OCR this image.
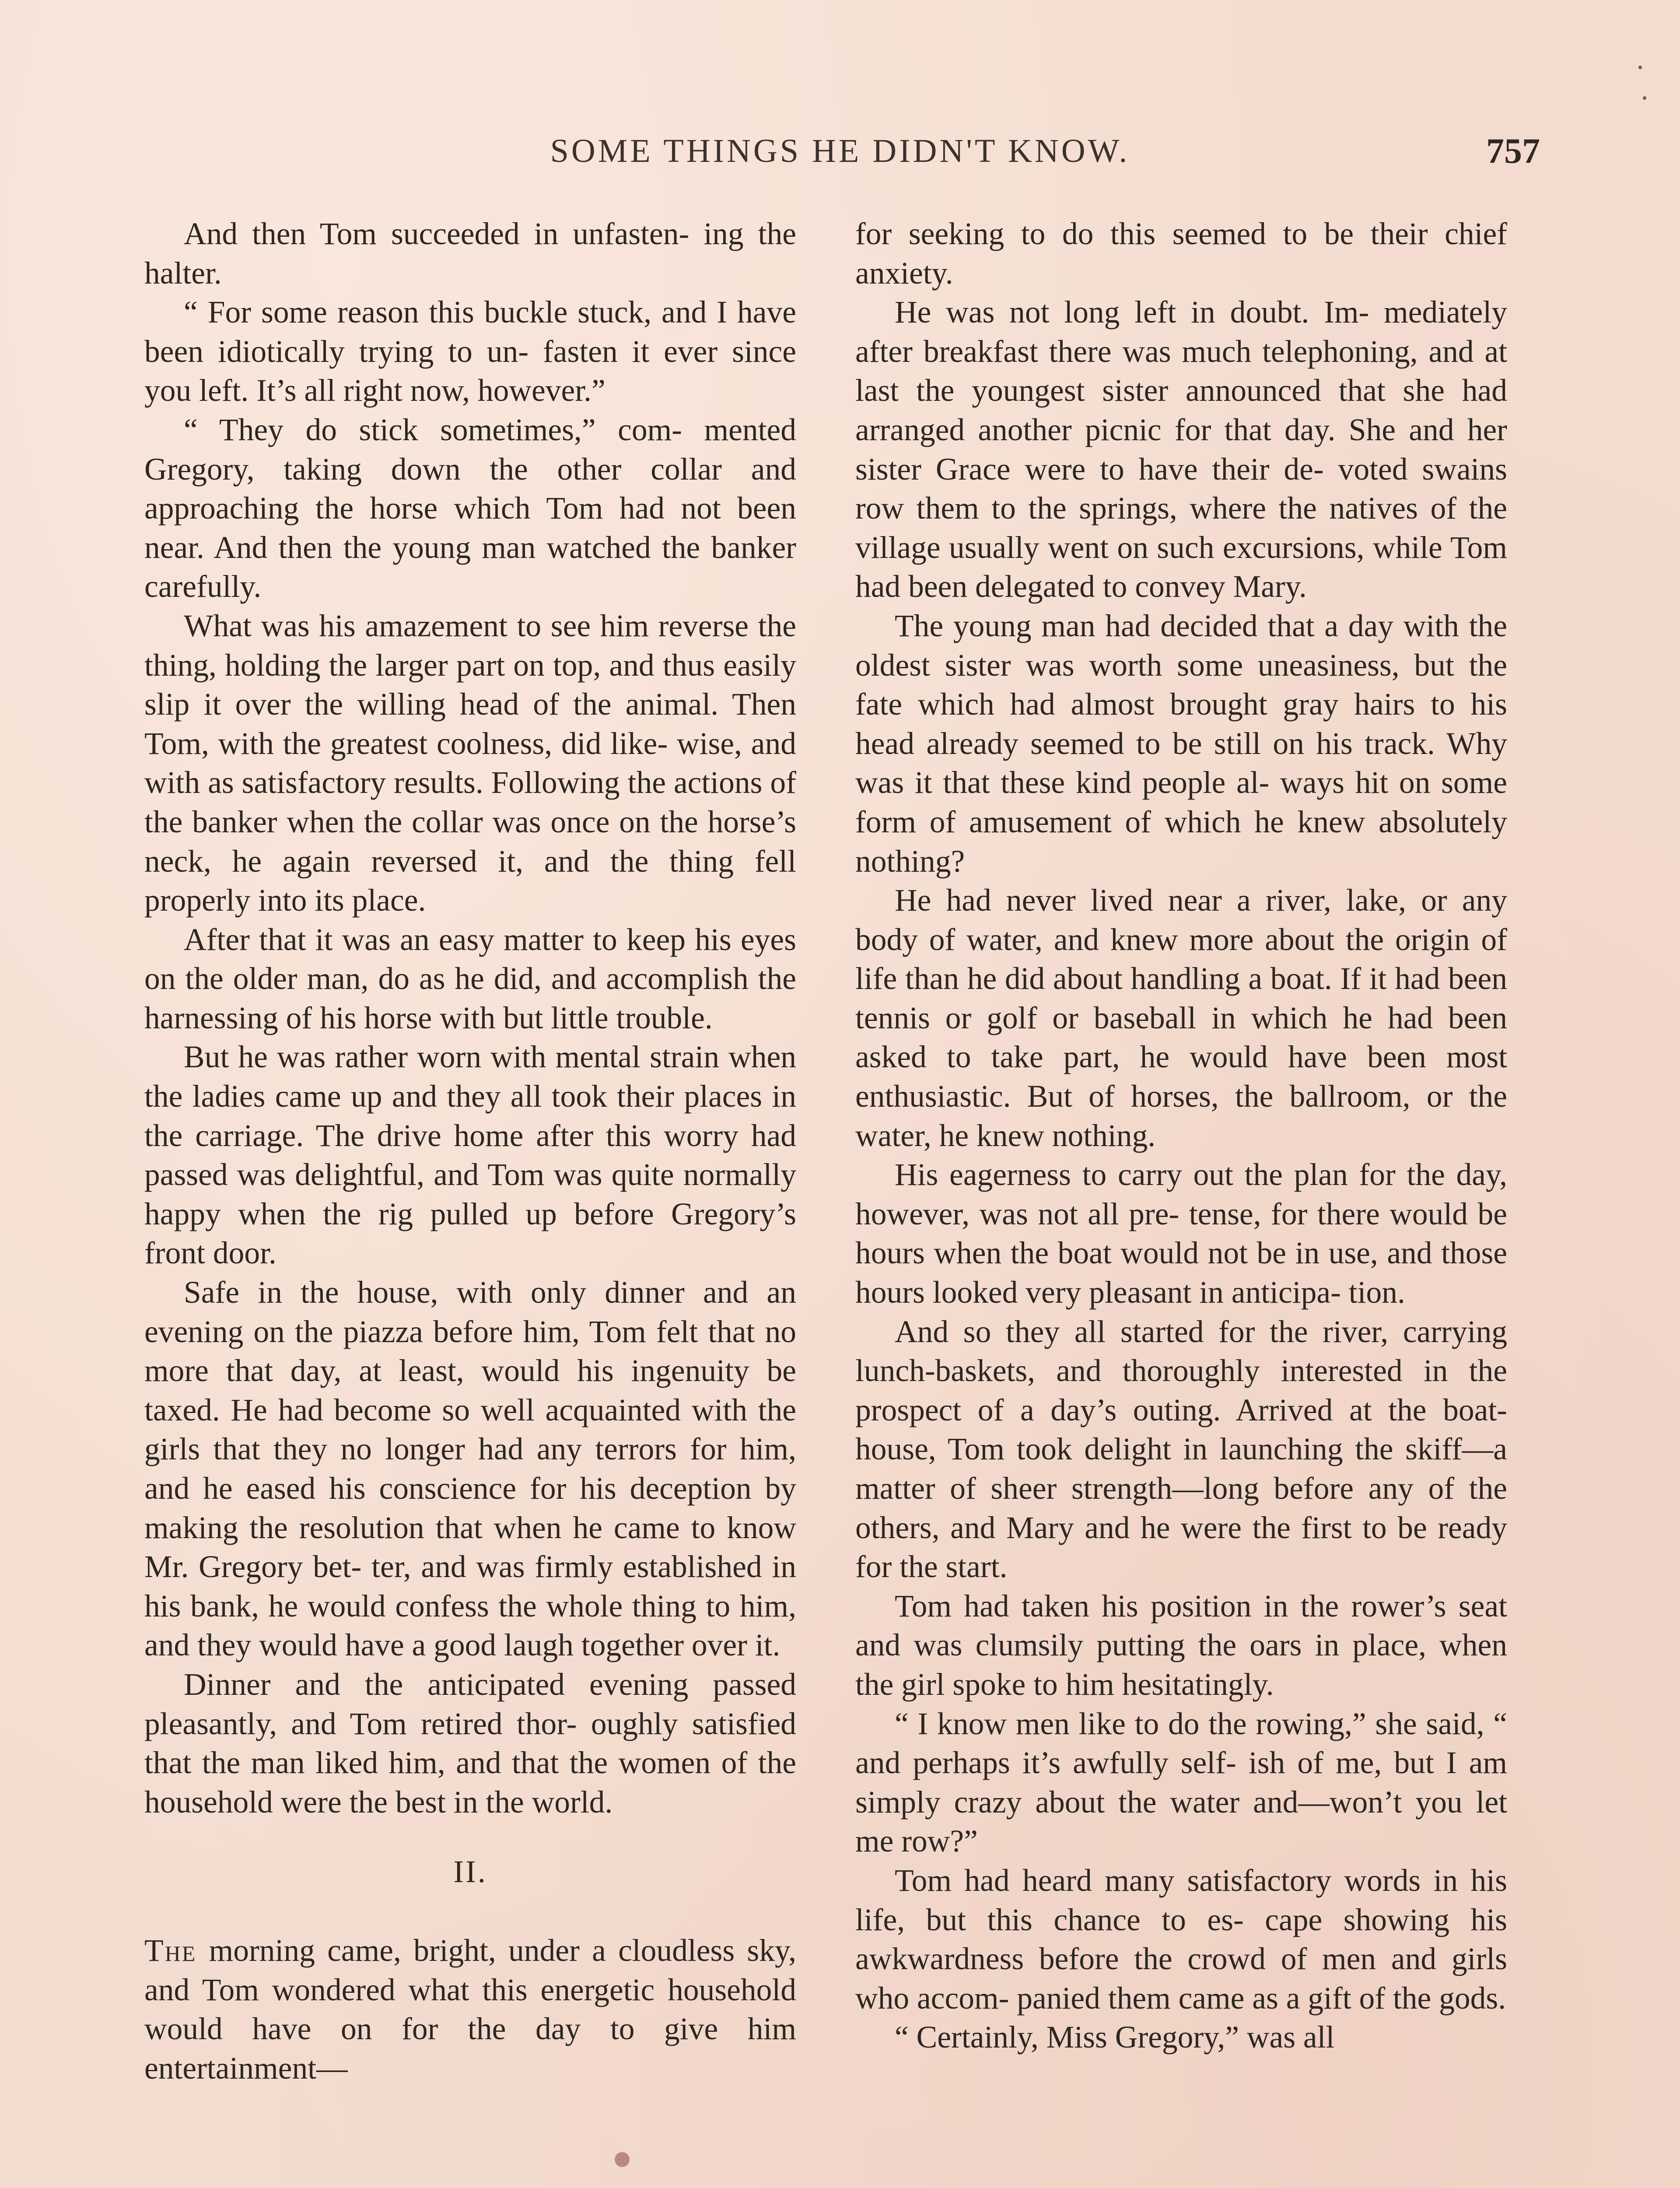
SOME THINGS HE DIDN'T KNOW.	757

And then Tom succeeded in unfasten- ing the halter.

“ For some reason this buckle stuck, and I have been idiotically trying to un- fasten it ever since you left. It’s all right now, however.”

“ They do stick sometimes,” com- mented Gregory, taking down the other collar and approaching the horse which Tom had not been near. And then the young man watched the banker carefully.

What was his amazement to see him reverse the thing, holding the larger part on top, and thus easily slip it over the willing head of the animal. Then Tom, with the greatest coolness, did like- wise, and with as satisfactory results. Following the actions of the banker when the collar was once on the horse’s neck, he again reversed it, and the thing fell properly into its place.

After that it was an easy matter to keep his eyes on the older man, do as he did, and accomplish the harnessing of his horse with but little trouble.

But he was rather worn with mental strain when the ladies came up and they all took their places in the carriage. The drive home after this worry had passed was delightful, and Tom was quite normally happy when the rig pulled up before Gregory’s front door.

Safe in the house, with only dinner and an evening on the piazza before him, Tom felt that no more that day, at least, would his ingenuity be taxed. He had become so well acquainted with the girls that they no longer had any terrors for him, and he eased his conscience for his deception by making the resolution that when he came to know Mr. Gregory bet- ter, and was firmly established in his bank, he would confess the whole thing to him, and they would have a good laugh together over it.

Dinner and the anticipated evening passed pleasantly, and Tom retired thor- oughly satisfied that the man liked him, and that the women of the household were the best in the world.

II.

The morning came, bright, under a cloudless sky, and Tom wondered what this energetic household would have on for the day to give him entertainment—

for seeking to do this seemed to be their chief anxiety.

He was not long left in doubt. Im- mediately after breakfast there was much telephoning, and at last the youngest sister announced that she had arranged another picnic for that day. She and her sister Grace were to have their de- voted swains row them to the springs, where the natives of the village usually went on such excursions, while Tom had been delegated to convey Mary.

The young man had decided that a day with the oldest sister was worth some uneasiness, but the fate which had almost brought gray hairs to his head already seemed to be still on his track. Why was it that these kind people al- ways hit on some form of amusement of which he knew absolutely nothing?

He had never lived near a river, lake, or any body of water, and knew more about the origin of life than he did about handling a boat. If it had been tennis or golf or baseball in which he had been asked to take part, he would have been most enthusiastic. But of horses, the ballroom, or the water, he knew nothing.

His eagerness to carry out the plan for the day, however, was not all pre- tense, for there would be hours when the boat would not be in use, and those hours looked very pleasant in anticipa- tion.

And so they all started for the river, carrying lunch-baskets, and thoroughly interested in the prospect of a day’s outing. Arrived at the boat-house, Tom took delight in launching the skiff—a matter of sheer strength—long before any of the others, and Mary and he were the first to be ready for the start.

Tom had taken his position in the rower’s seat and was clumsily putting the oars in place, when the girl spoke to him hesitatingly.

“ I know men like to do the rowing,” she said, “ and perhaps it’s awfully self- ish of me, but I am simply crazy about the water and—won’t you let me row?”

Tom had heard many satisfactory words in his life, but this chance to es- cape showing his awkwardness before the crowd of men and girls who accom- panied them came as a gift of the gods.

“ Certainly, Miss Gregory,” was all
